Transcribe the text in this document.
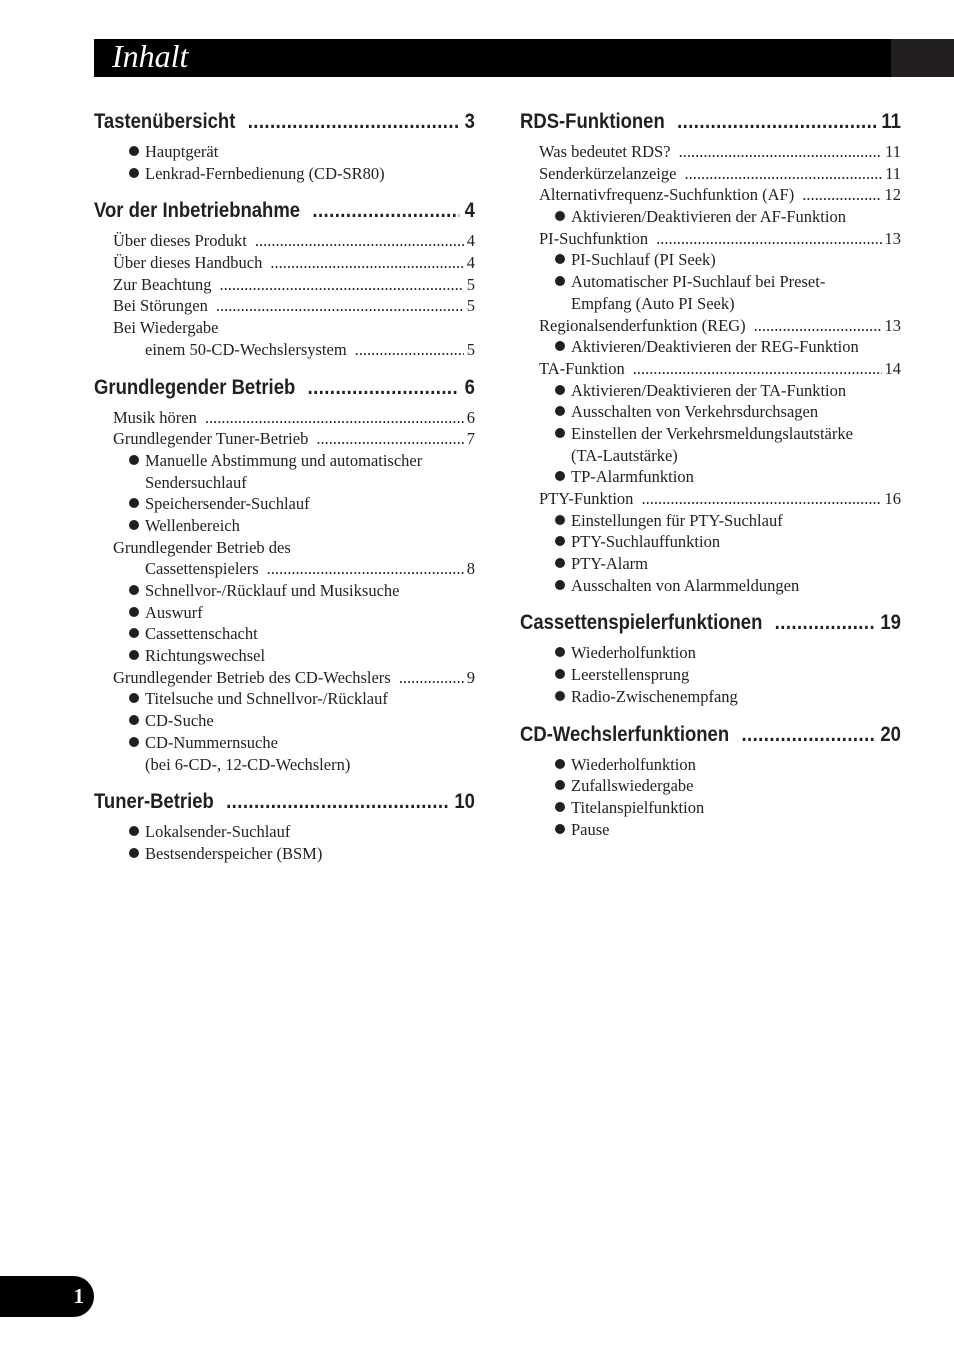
Inhalt
Tastenübersicht .....	3
Hauptgerät
Lenkrad-Fernbedienung (CD-SR80)
Vor der Inbetriebnahme .....	4
Über dieses Produkt .....	4
Über dieses Handbuch .....	4
Zur Beachtung .....	5
Bei Störungen .....	5
Bei Wiedergabe
einem 50-CD-Wechslersystem .....	5
Grundlegender Betrieb .....	6
Musik hören .....	6
Grundlegender Tuner-Betrieb .....	7
Manuelle Abstimmung und automatischer
Sendersuchlauf
Speichersender-Suchlauf
Wellenbereich
Grundlegender Betrieb des
Cassettenspielers .....	8
Schnellvor-/Rücklauf und Musiksuche
Auswurf
Cassettenschacht
Richtungswechsel
Grundlegender Betrieb des CD-Wechslers .....	9
Titelsuche und Schnellvor-/Rücklauf
CD-Suche
CD-Nummernsuche
(bei 6-CD-, 12-CD-Wechslern)
Tuner-Betrieb .....	10
Lokalsender-Suchlauf
Bestsenderspeicher (BSM)
RDS-Funktionen .....	11
Was bedeutet RDS? .....	11
Senderkürzelanzeige .....	11
Alternativfrequenz-Suchfunktion (AF) .....	12
Aktivieren/Deaktivieren der AF-Funktion
PI-Suchfunktion .....	13
PI-Suchlauf (PI Seek)
Automatischer PI-Suchlauf bei Preset-
Empfang (Auto PI Seek)
Regionalsenderfunktion (REG) .....	13
Aktivieren/Deaktivieren der REG-Funktion
TA-Funktion .....	14
Aktivieren/Deaktivieren der TA-Funktion
Ausschalten von Verkehrsdurchsagen
Einstellen der Verkehrsmeldungslautstärke
(TA-Lautstärke)
TP-Alarmfunktion
PTY-Funktion .....	16
Einstellungen für PTY-Suchlauf
PTY-Suchlauffunktion
PTY-Alarm
Ausschalten von Alarmmeldungen
Cassettenspielerfunktionen .....	19
Wiederholfunktion
Leerstellensprung
Radio-Zwischenempfang
CD-Wechslerfunktionen .....	20
Wiederholfunktion
Zufallswiedergabe
Titelanspielfunktion
Pause
1
